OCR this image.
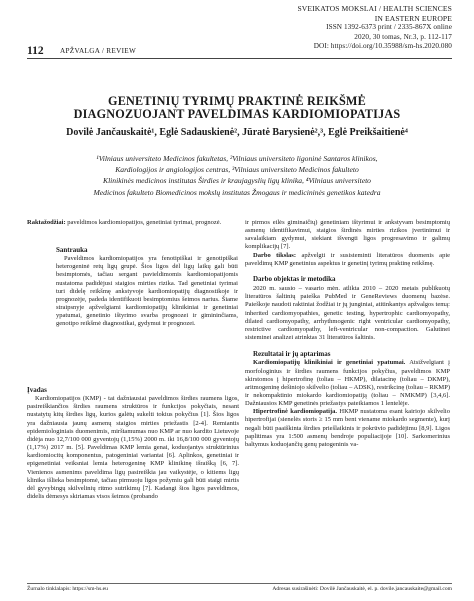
SVEIKATOS MOKSLAI / HEALTH SCIENCES
IN EASTERN EUROPE
ISSN 1392-6373 print / 2335-867X online
2020, 30 tomas, Nr.3, p. 112-117
DOI: https://doi.org/10.35988/sm-hs.2020.080
112 APŽVALGA / REVIEW
GENETINIŲ TYRIMŲ PRAKTINĖ REIKŠMĖ
DIAGNOZUOJANT PAVELDIMAS KARDIOMIOPATIJAS
Dovilė Jančauskaitė¹, Eglė Sadauskienė², Jūratė Barysienė²,³, Eglė Preikšaitienė⁴
¹Vilniaus universiteto Medicinos fakultetas, ²Vilniaus universiteto ligoninė Santaros klinikos,
Kardiologijos ir angiologijos centras, ³Vilniaus universiteto Medicinos fakulteto
Klinikinės medicinos institutas Širdies ir kraujagyslių ligų klinika, ⁴Vilniaus universiteto
Medicinos fakulteto Biomedicinos mokslų institutas Žmogaus ir medicininės genetikos katedra
Raktažodžiai: paveldimos kardiomiopatijos, genetiniai tyrimai, prognozė.

Santrauka

Paveldimos kardiomiopatijos yra fenotipiškai ir genotipiškai heterogeninė retų ligų grupė. Šios ligos dėl ligų laikų gali būti besimptomės, tačiau sergant pavieldimomis kardiomiopatijomis nustatoma padidėjusi staigios mirties rizika. Tad genetiniai tyrimai turi didelę reikšmę ankstyvoje kardiomiopatijų diagnostikoje ir prognozėje, padeda identifikuoti besimptomius šeimos narius. Šiame straipsnyje apžvelgiami kardiomiopatijų klinikiniai ir genetiniai ypatumai, genetinio ištyrimo svarba prognozei ir gimininčiams, genotipo reikšmė diagnostikai, gydymui ir prognozei.

Įvadas

Kardiomiopatijos (KMP) - tai dažniausiai paveldimos širdies raumens ligos, pasireiškiančios širdies raumens struktūros ir funkcijos pokyčiais, nesant nustatytų kitų širdies ligų, kurios galėtų sukelti tokius pokyčius [1]. Šios ligos yra dažniausia jaunų asmenų staigios mirties priežastis [2-4]. Remiantis epidemiologiniais duomenimis, mirštamumas nuo KMP ar nuo kardito Lietuvoje didėja nuo 12,7/100 000 gyventojų (1,15%) 2000 m. iki 16,8/100 000 gyventojų (1,17%) 2017 m. [5]. Paveldimas KMP lemia genai, koduojantys struktūrinius kardiomiocitų komponentus, patogeniniai variantai [6]. Aplinkos, genetiniai ir epigenetiniai veiksniai lemia heterogeninę KMP klinikinę išraišką [6, 7]. Vienienos asmenims paveldima ligų pasireiškia jau vaikystėje, o kitiems ligų klinika išlieka besimptomė, tačiau pirmuoju ligos požymiu gali būti staigi mirtis dėl gyvybingų skilvelinių ritmo sutrikimų [7]. Kadangi šios ligos paveldimos, didelis dėmesys skiriamas visos šeimos (probando

ir pirmos eilės giminaičių) genetiniam ištyrimui ir ankstyvam besimptomių asmenų identifikavimui, staigios širdinės mirties rizikos įvertinimui ir savalaikiam gydymui, siekiant išvengti ligos progresavimo ir galimų komplikacijų [7].

Darbo tikslas: apžvelgti ir susisteminti literatūros duomenis apie paveldimų KMP genetinius aspektus ir genetinį tyrimų praktinę reikšmę.

Darbo objektas ir metodika

2020 m. sausio – vasario mėn. atlikta 2010 – 2020 metais publikuotų literatūros šaltinių paieška PubMed ir GeneReviews duomenų bazėse. Paieškoje naudoti raktiniai žodžiai ir jų junginiai, atitinkantys apžvalgos temą: inherited cardiomyopathies, genetic testing, hypertrophic cardiomyopathy, dilated cardiomyopathy, arrhythmogenic right ventricular cardiomyopathy, restrictive cardiomyopathy, left-ventricular non-compaction. Galutinei sisteminei analizei atrinktas 31 literatūros šaltinis.

Rezultatai ir jų aptarimas

Kardiomiopatijų klinikiniai ir genetiniai ypatumai. Atsižvelgiant į morfologinius ir širdies raumens funkcijos pokyčius, paveldimos KMP skirstomos į hipertrofinę (toliau – HKMP), dilatacinę (toliau – DKMP), aritmogeninę dešiniojo skilvelio (toliau – ADSK), restrikcinę (toliau – RKMP) ir nekompaktinio miokardo kardiomiopatiją (toliau – NMKMP) [3,4,6]. Dažniausios KMP genetinės priežastys pateikiamos 1 lentelėje.

Hipertrofinė kardiomiopatija. HKMP nustatoma esant kairiojo skilvelio hipertrofijai (sienelės storis ≥ 15 mm bent viename miokardo segmente), kurį negali būti paaiškinta širdies priešlaikinis ir pokrūvio padidėjimu [8,9]. Ligos paplitimas yra 1:500 asmenų bendroje populiacijoje [10]. Sarkomerinius baltymus koduojančių genų patogeninis va-

Žurnalo tinklalapis: https://sm-hs.eu	Adresas susirašinėti: Dovilė Jančauskaitė, el. p. dovile.jancauskaite@gmail.com
